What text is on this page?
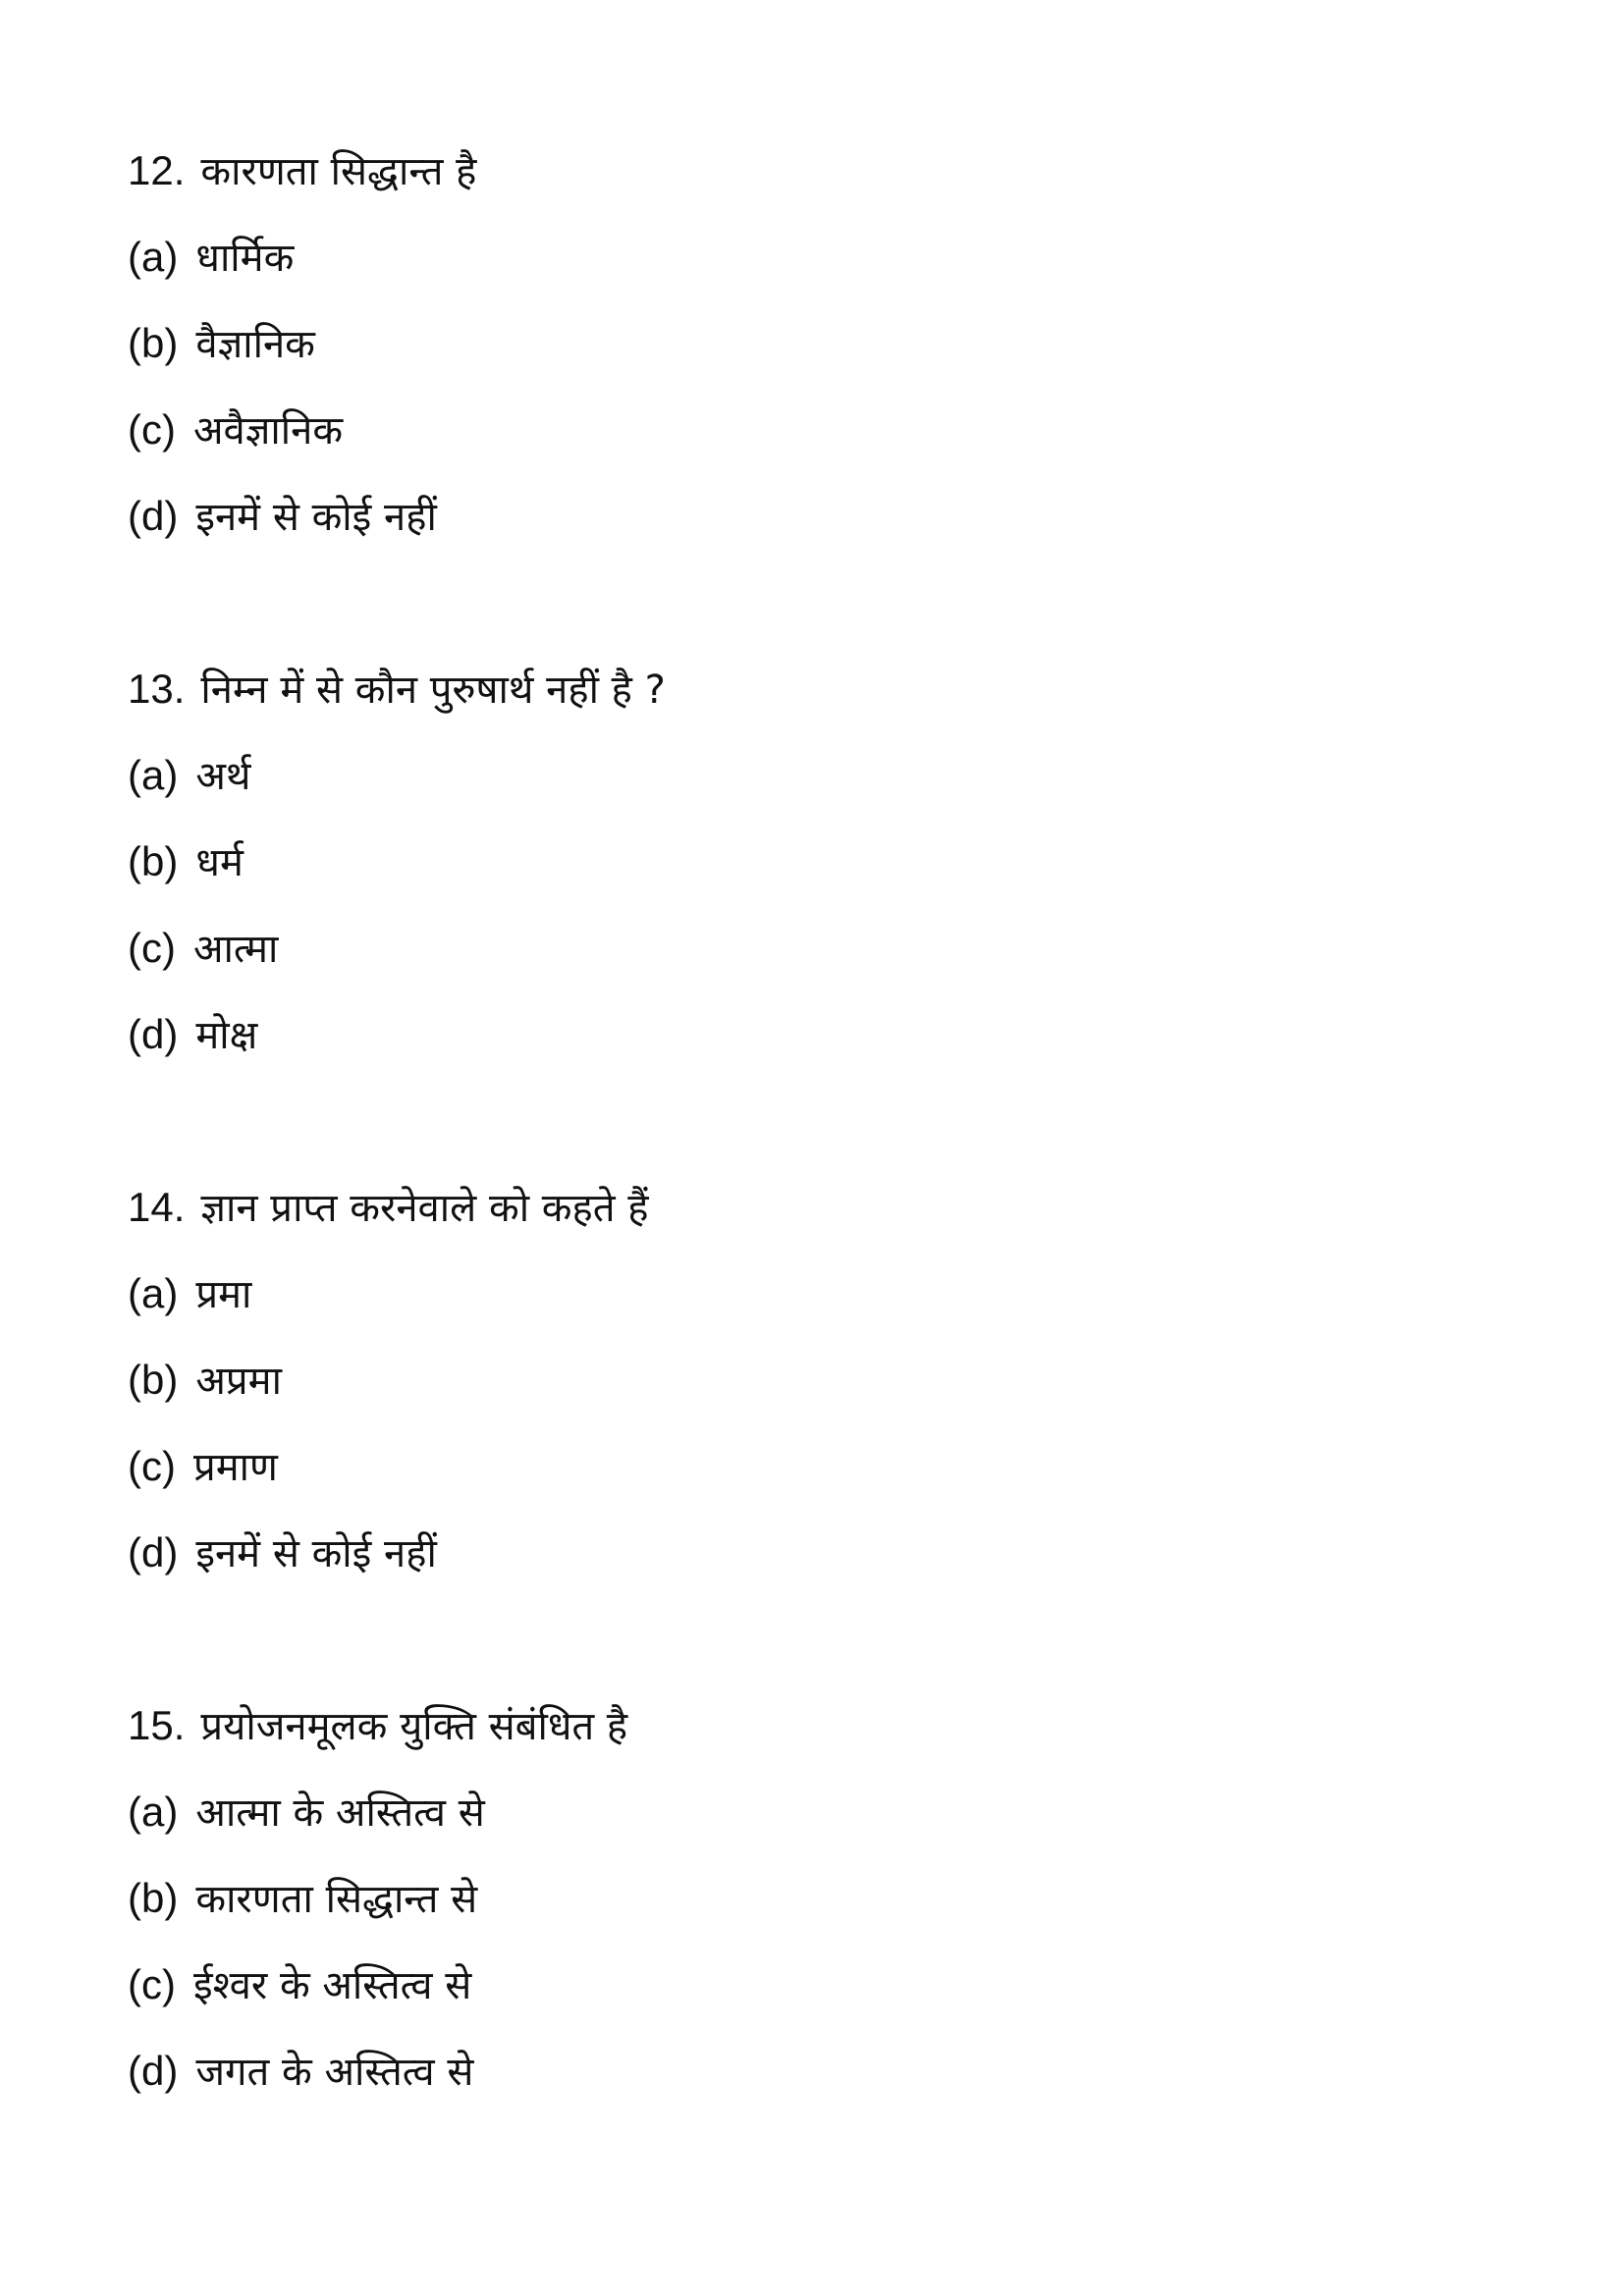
12. कारणता सिद्धान्त है
(a) धार्मिक
(b) वैज्ञानिक
(c) अवैज्ञानिक
(d) इनमें से कोई नहीं
13. निम्न में से कौन पुरुषार्थ नहीं है ?
(a) अर्थ
(b) धर्म
(c) आत्मा
(d) मोक्ष
14. ज्ञान प्राप्त करनेवाले को कहते हैं
(a) प्रमा
(b) अप्रमा
(c) प्रमाण
(d) इनमें से कोई नहीं
15. प्रयोजनमूलक युक्ति संबंधित है
(a) आत्मा के अस्तित्व से
(b) कारणता सिद्धान्त से
(c) ईश्वर के अस्तित्व से
(d) जगत के अस्तित्व से
